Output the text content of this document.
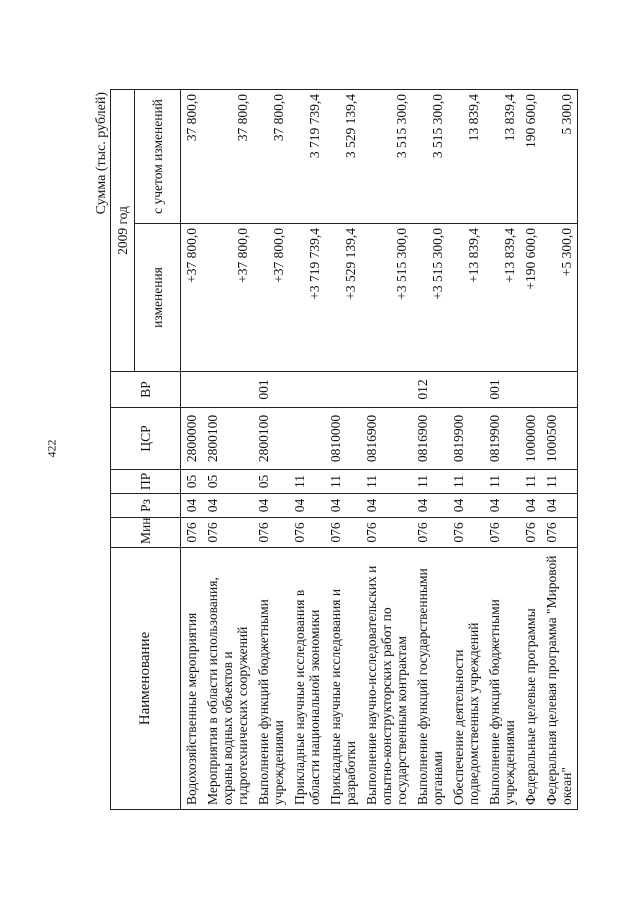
422
Сумма (тыс. рублей)
Наименование	Мин	Рз	ПР	ЦСР	ВР	2009 год	
						изменения	с учетом изменений
Водохозяйственные мероприятия	076	04	05	2800000		+37 800,0	37 800,0
Мероприятия в области использования, охраны водных объектов и гидротехнических сооружений	076	04	05	2800100		+37 800,0	37 800,0
Выполнение функций бюджетными учреждениями	076	04	05	2800100	001	+37 800,0	37 800,0
Прикладные научные исследования в области национальной экономики	076	04	11			+3 719 739,4	3 719 739,4
Прикладные научные исследования и разработки	076	04	11	0810000		+3 529 139,4	3 529 139,4
Выполнение научно-исследовательских и опытно-конструкторских работ по государственным контрактам	076	04	11	0816900		+3 515 300,0	3 515 300,0
Выполнение функций государственными органами	076	04	11	0816900	012	+3 515 300,0	3 515 300,0
Обеспечение деятельности подведомственных учреждений	076	04	11	0819900		+13 839,4	13 839,4
Выполнение функций бюджетными учреждениями	076	04	11	0819900	001	+13 839,4	13 839,4
Федеральные целевые программы	076	04	11	1000000		+190 600,0	190 600,0
Федеральная целевая программа "Мировой океан"	076	04	11	1000500		+5 300,0	5 300,0
